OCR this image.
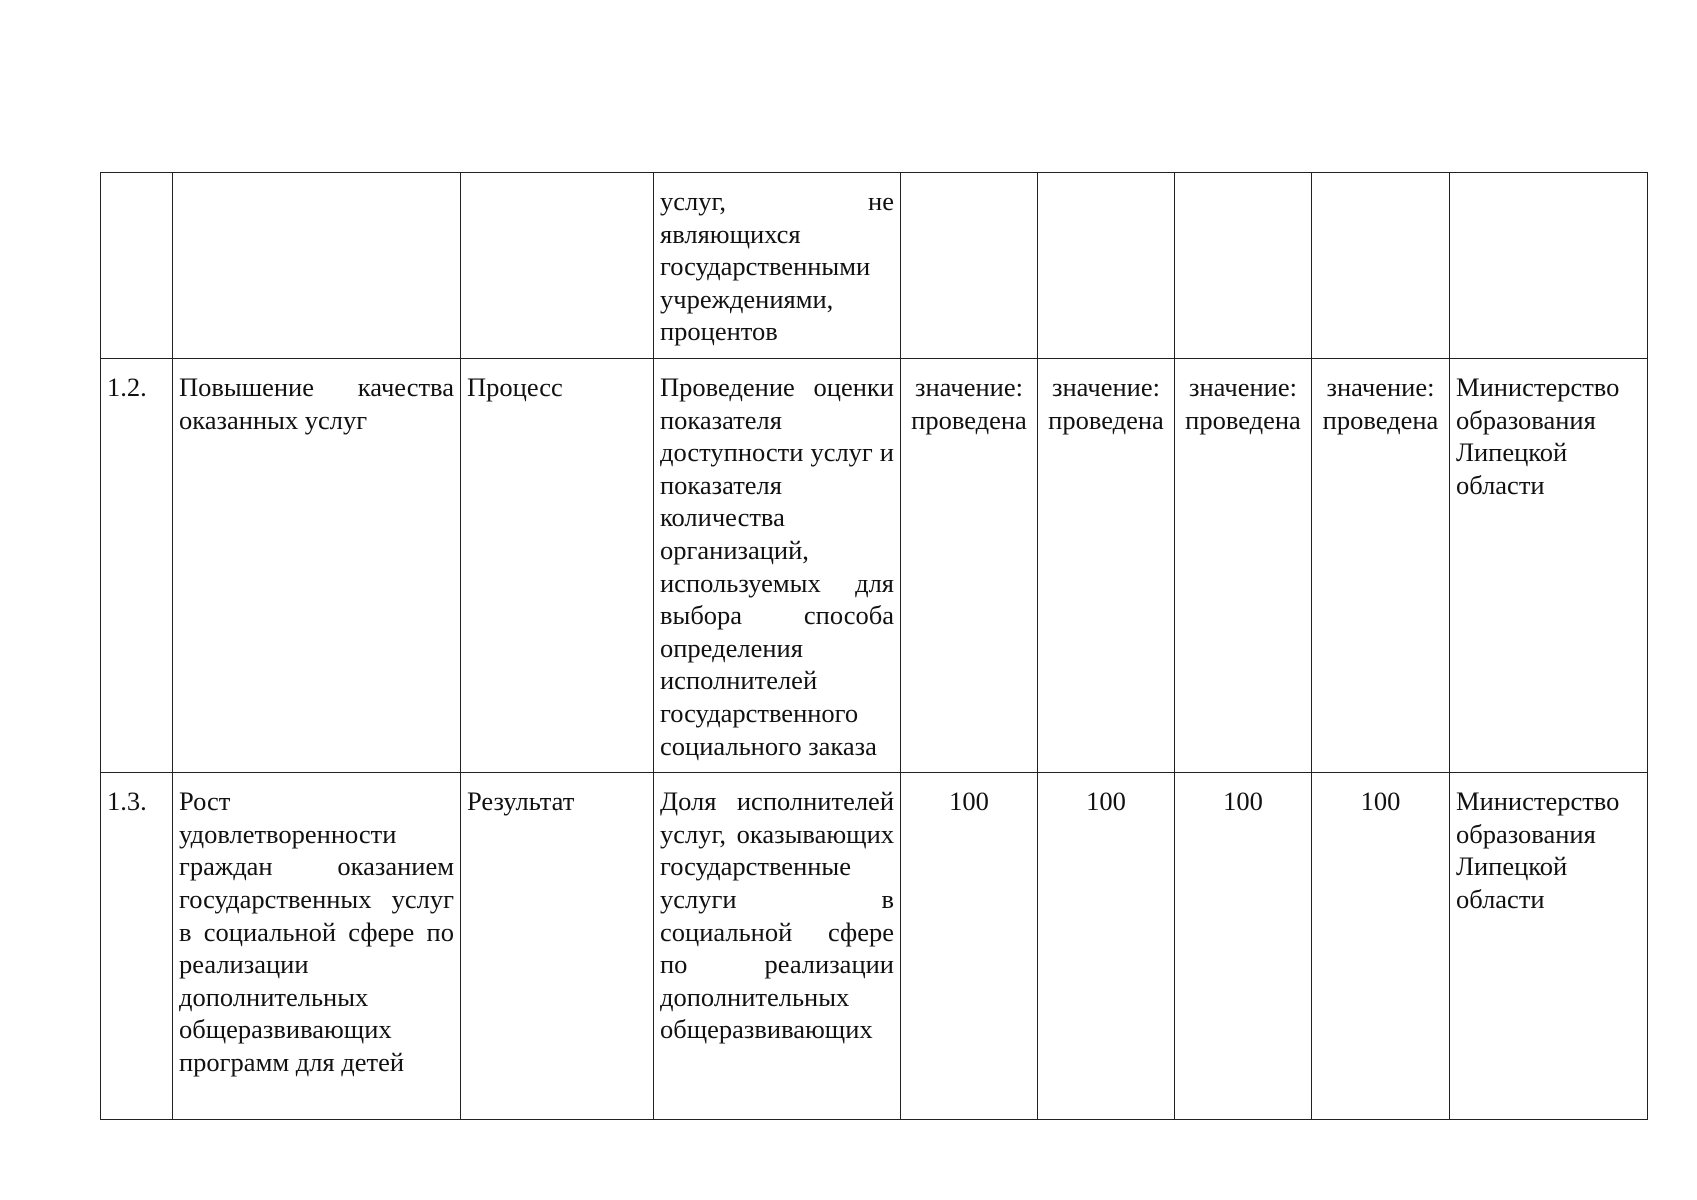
			услуг, не являющихся государственными учреждениями, процентов					
1.2.	Повышение качества оказанных услуг	Процесс	Проведение оценки показателя доступности услуг и показателя количества организаций, используемых для выбора способа определения исполнителей государственного социального заказа	значение: проведена	значение: проведена	значение: проведена	значение: проведена	Министерство образования Липецкой области
1.3.	Рост удовлетворенности граждан оказанием государственных услуг в социальной сфере по реализации дополнительных общеразвивающих программ для детей	Результат	Доля исполнителей услуг, оказывающих государственные услуги в социальной сфере по реализации дополнительных общеразвивающих	100	100	100	100	Министерство образования Липецкой области
